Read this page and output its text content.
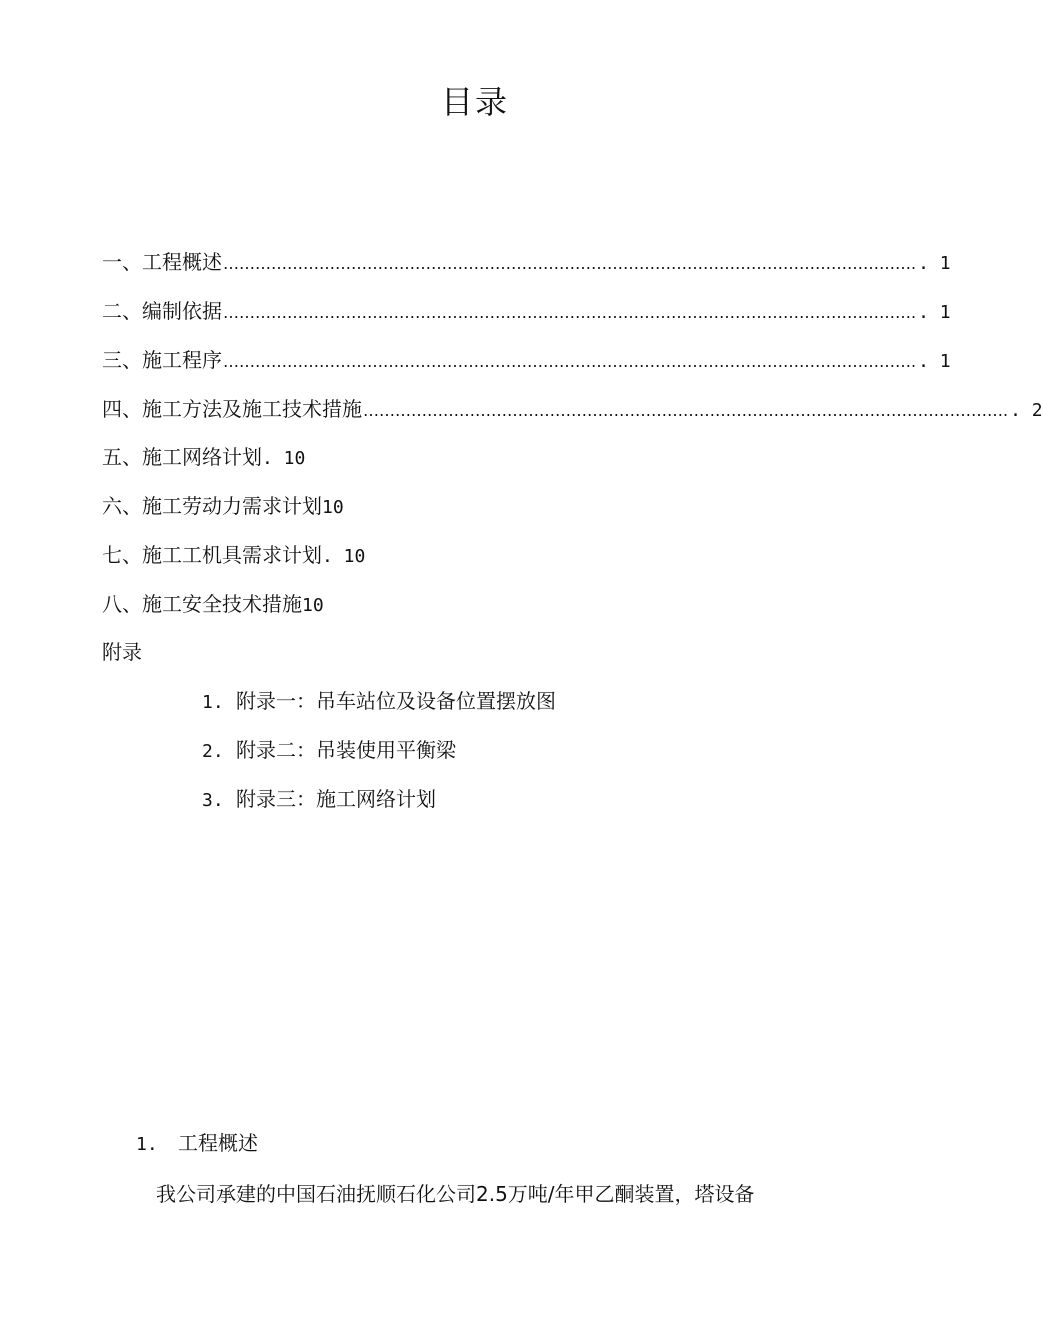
目录
一、工程概述 …………………………………………………………………………………………………………………. . 1
二、编制依据 …………………………………………………………………………………………………………………. . 1
三、施工程序 …………………………………………………………………………………………………………………. . 1
四、施工方法及施工技术措施 …………………………………………………………………………………………………………. . 2
五、施工网络计划. 10
六、施工劳动力需求计划10
七、施工工机具需求计划. 10
八、施工安全技术措施10
附录
1. 附录一：吊车站位及设备位置摆放图
2. 附录二：吊装使用平衡梁
3. 附录三：施工网络计划
1. 工程概述
我公司承建的中国石油抚顺石化公司2.5万吨/年甲乙酮装置，塔设备
